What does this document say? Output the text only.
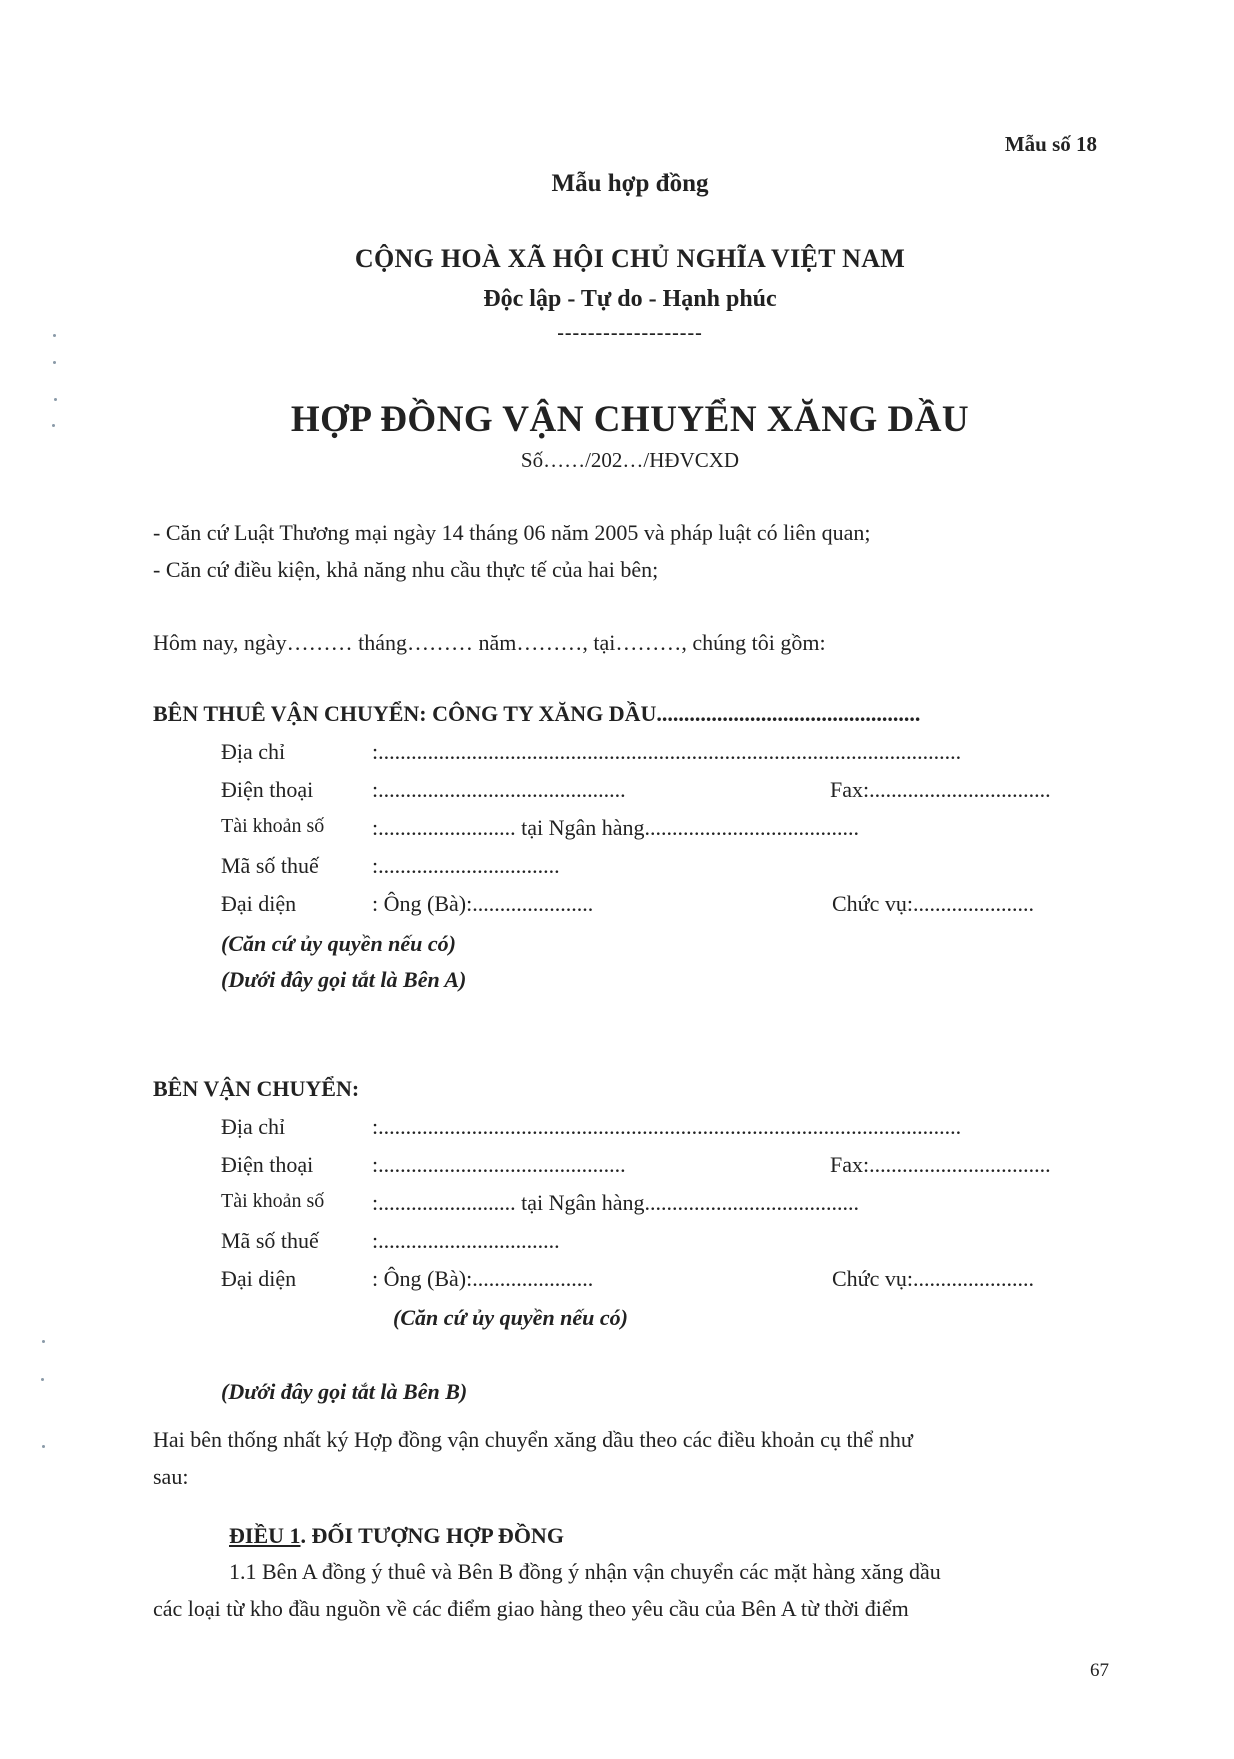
Mẫu số 18
Mẫu hợp đồng
CỘNG HOÀ XÃ HỘI CHỦ NGHĨA VIỆT NAM
Độc lập - Tự do - Hạnh phúc
-------------------
HỢP ĐỒNG VẬN CHUYỂN XĂNG DẦU
Số……/202…/HĐVCXD
- Căn cứ Luật Thương mại ngày 14 tháng 06 năm 2005 và pháp luật có liên quan;
- Căn cứ điều kiện, khả năng nhu cầu thực tế của hai bên;
Hôm nay, ngày……… tháng……… năm………, tại………, chúng tôi gồm:
BÊN THUÊ VẬN CHUYỂN: CÔNG TY XĂNG DẦU................................................
Địa chỉ	:..........................................................................................................
Điện thoại	:.............................................	Fax:.................................
Tài khoản số :......................... tại Ngân hàng.......................................
Mã số thuế :.................................
Đại diện	: Ông (Bà):......................	Chức vụ:......................
(Căn cứ ủy quyền nếu có)
(Dưới đây gọi tắt là Bên A)
BÊN VẬN CHUYỂN:
Địa chỉ	:..........................................................................................................
Điện thoại	:.............................................	Fax:.................................
Tài khoản số :......................... tại Ngân hàng.......................................
Mã số thuế :.................................
Đại diện	: Ông (Bà):......................	Chức vụ:......................
(Căn cứ ủy quyền nếu có)
(Dưới đây gọi tắt là Bên B)
Hai bên thống nhất ký Hợp đồng vận chuyển xăng dầu theo các điều khoản cụ thể như
sau:
ĐIỀU 1. ĐỐI TƯỢNG HỢP ĐỒNG
1.1 Bên A đồng ý thuê và Bên B đồng ý nhận vận chuyển các mặt hàng xăng dầu
các loại từ kho đầu nguồn về các điểm giao hàng theo yêu cầu của Bên A từ thời điểm
67
